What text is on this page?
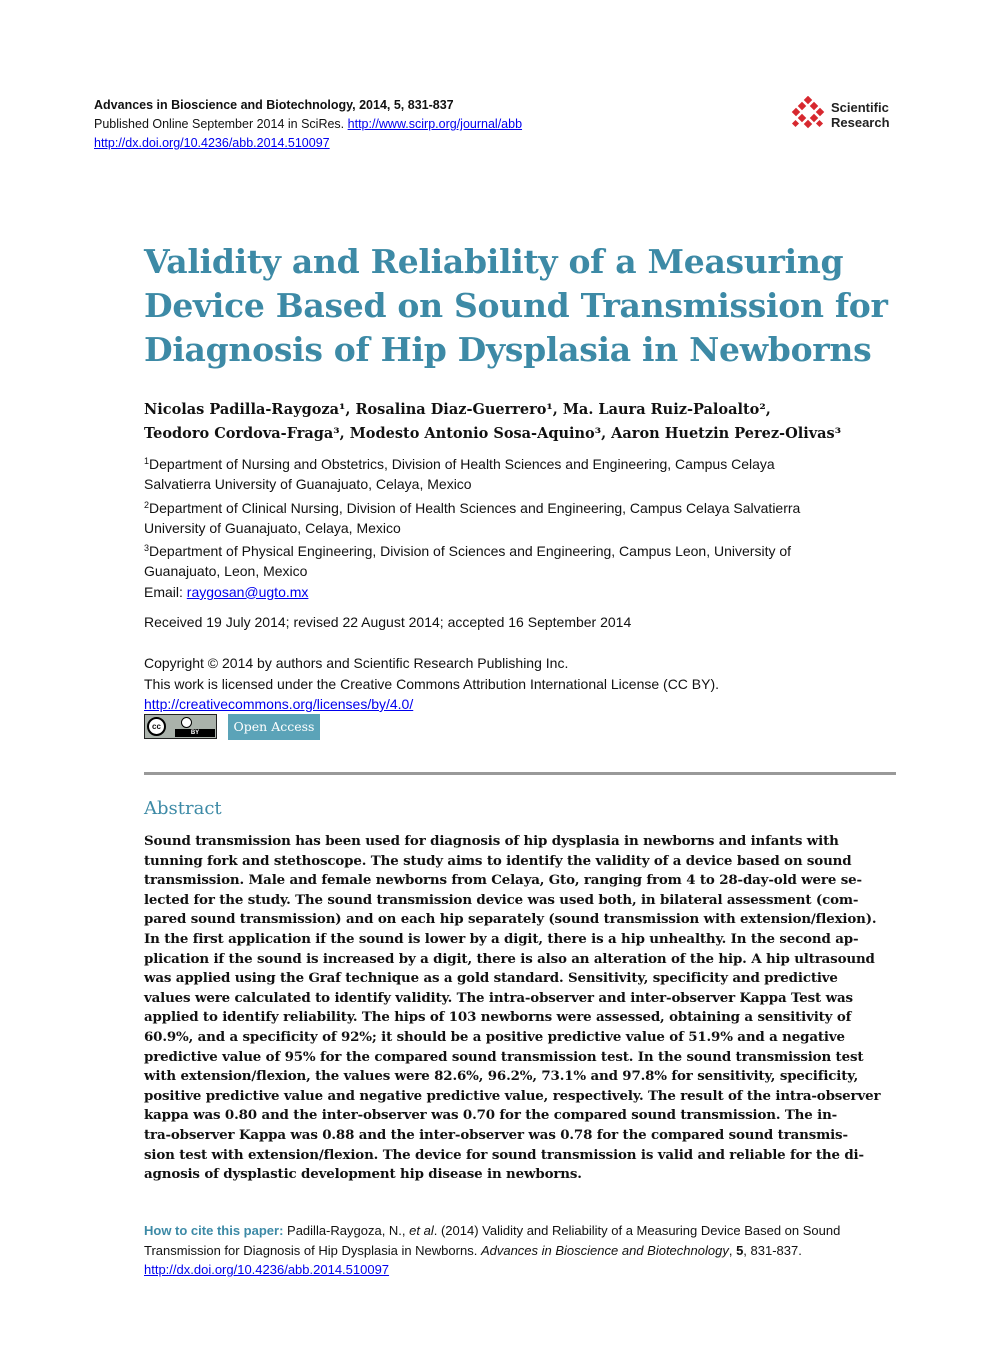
Advances in Bioscience and Biotechnology, 2014, 5, 831-837
Published Online September 2014 in SciRes. http://www.scirp.org/journal/abb
http://dx.doi.org/10.4236/abb.2014.510097
Scientific
Research
Validity and Reliability of a Measuring
Device Based on Sound Transmission for
Diagnosis of Hip Dysplasia in Newborns
Nicolas Padilla-Raygoza¹, Rosalina Diaz-Guerrero¹, Ma. Laura Ruiz-Paloalto²,
Teodoro Cordova-Fraga³, Modesto Antonio Sosa-Aquino³, Aaron Huetzin Perez-Olivas³
$^1$Department of Nursing and Obstetrics, Division of Health Sciences and Engineering, Campus Celaya
Salvatierra University of Guanajuato, Celaya, Mexico
$^2$Department of Clinical Nursing, Division of Health Sciences and Engineering, Campus Celaya Salvatierra
University of Guanajuato, Celaya, Mexico
$^3$Department of Physical Engineering, Division of Sciences and Engineering, Campus Leon, University of
Guanajuato, Leon, Mexico
Email: raygosan@ugto.mx
Received 19 July 2014; revised 22 August 2014; accepted 16 September 2014
Copyright © 2014 by authors and Scientific Research Publishing Inc.
This work is licensed under the Creative Commons Attribution International License (CC BY).
http://creativecommons.org/licenses/by/4.0/
cc
BY	Open Access
Abstract
Sound transmission has been used for diagnosis of hip dysplasia in newborns and infants with
tunning fork and stethoscope. The study aims to identify the validity of a device based on sound
transmission. Male and female newborns from Celaya, Gto, ranging from 4 to 28-day-old were se-
lected for the study. The sound transmission device was used both, in bilateral assessment (com-
pared sound transmission) and on each hip separately (sound transmission with extension/flexion).
In the first application if the sound is lower by a digit, there is a hip unhealthy. In the second ap-
plication if the sound is increased by a digit, there is also an alteration of the hip. A hip ultrasound
was applied using the Graf technique as a gold standard. Sensitivity, specificity and predictive
values were calculated to identify validity. The intra-observer and inter-observer Kappa Test was
applied to identify reliability. The hips of 103 newborns were assessed, obtaining a sensitivity of
60.9%, and a specificity of 92%; it should be a positive predictive value of 51.9% and a negative
predictive value of 95% for the compared sound transmission test. In the sound transmission test
with extension/flexion, the values were 82.6%, 96.2%, 73.1% and 97.8% for sensitivity, specificity,
positive predictive value and negative predictive value, respectively. The result of the intra-observer
kappa was 0.80 and the inter-observer was 0.70 for the compared sound transmission. The in-
tra-observer Kappa was 0.88 and the inter-observer was 0.78 for the compared sound transmis-
sion test with extension/flexion. The device for sound transmission is valid and reliable for the di-
agnosis of dysplastic development hip disease in newborns.
How to cite this paper: Padilla-Raygoza, N., et al. (2014) Validity and Reliability of a Measuring Device Based on Sound
Transmission for Diagnosis of Hip Dysplasia in Newborns. Advances in Bioscience and Biotechnology, 5, 831-837.
http://dx.doi.org/10.4236/abb.2014.510097
